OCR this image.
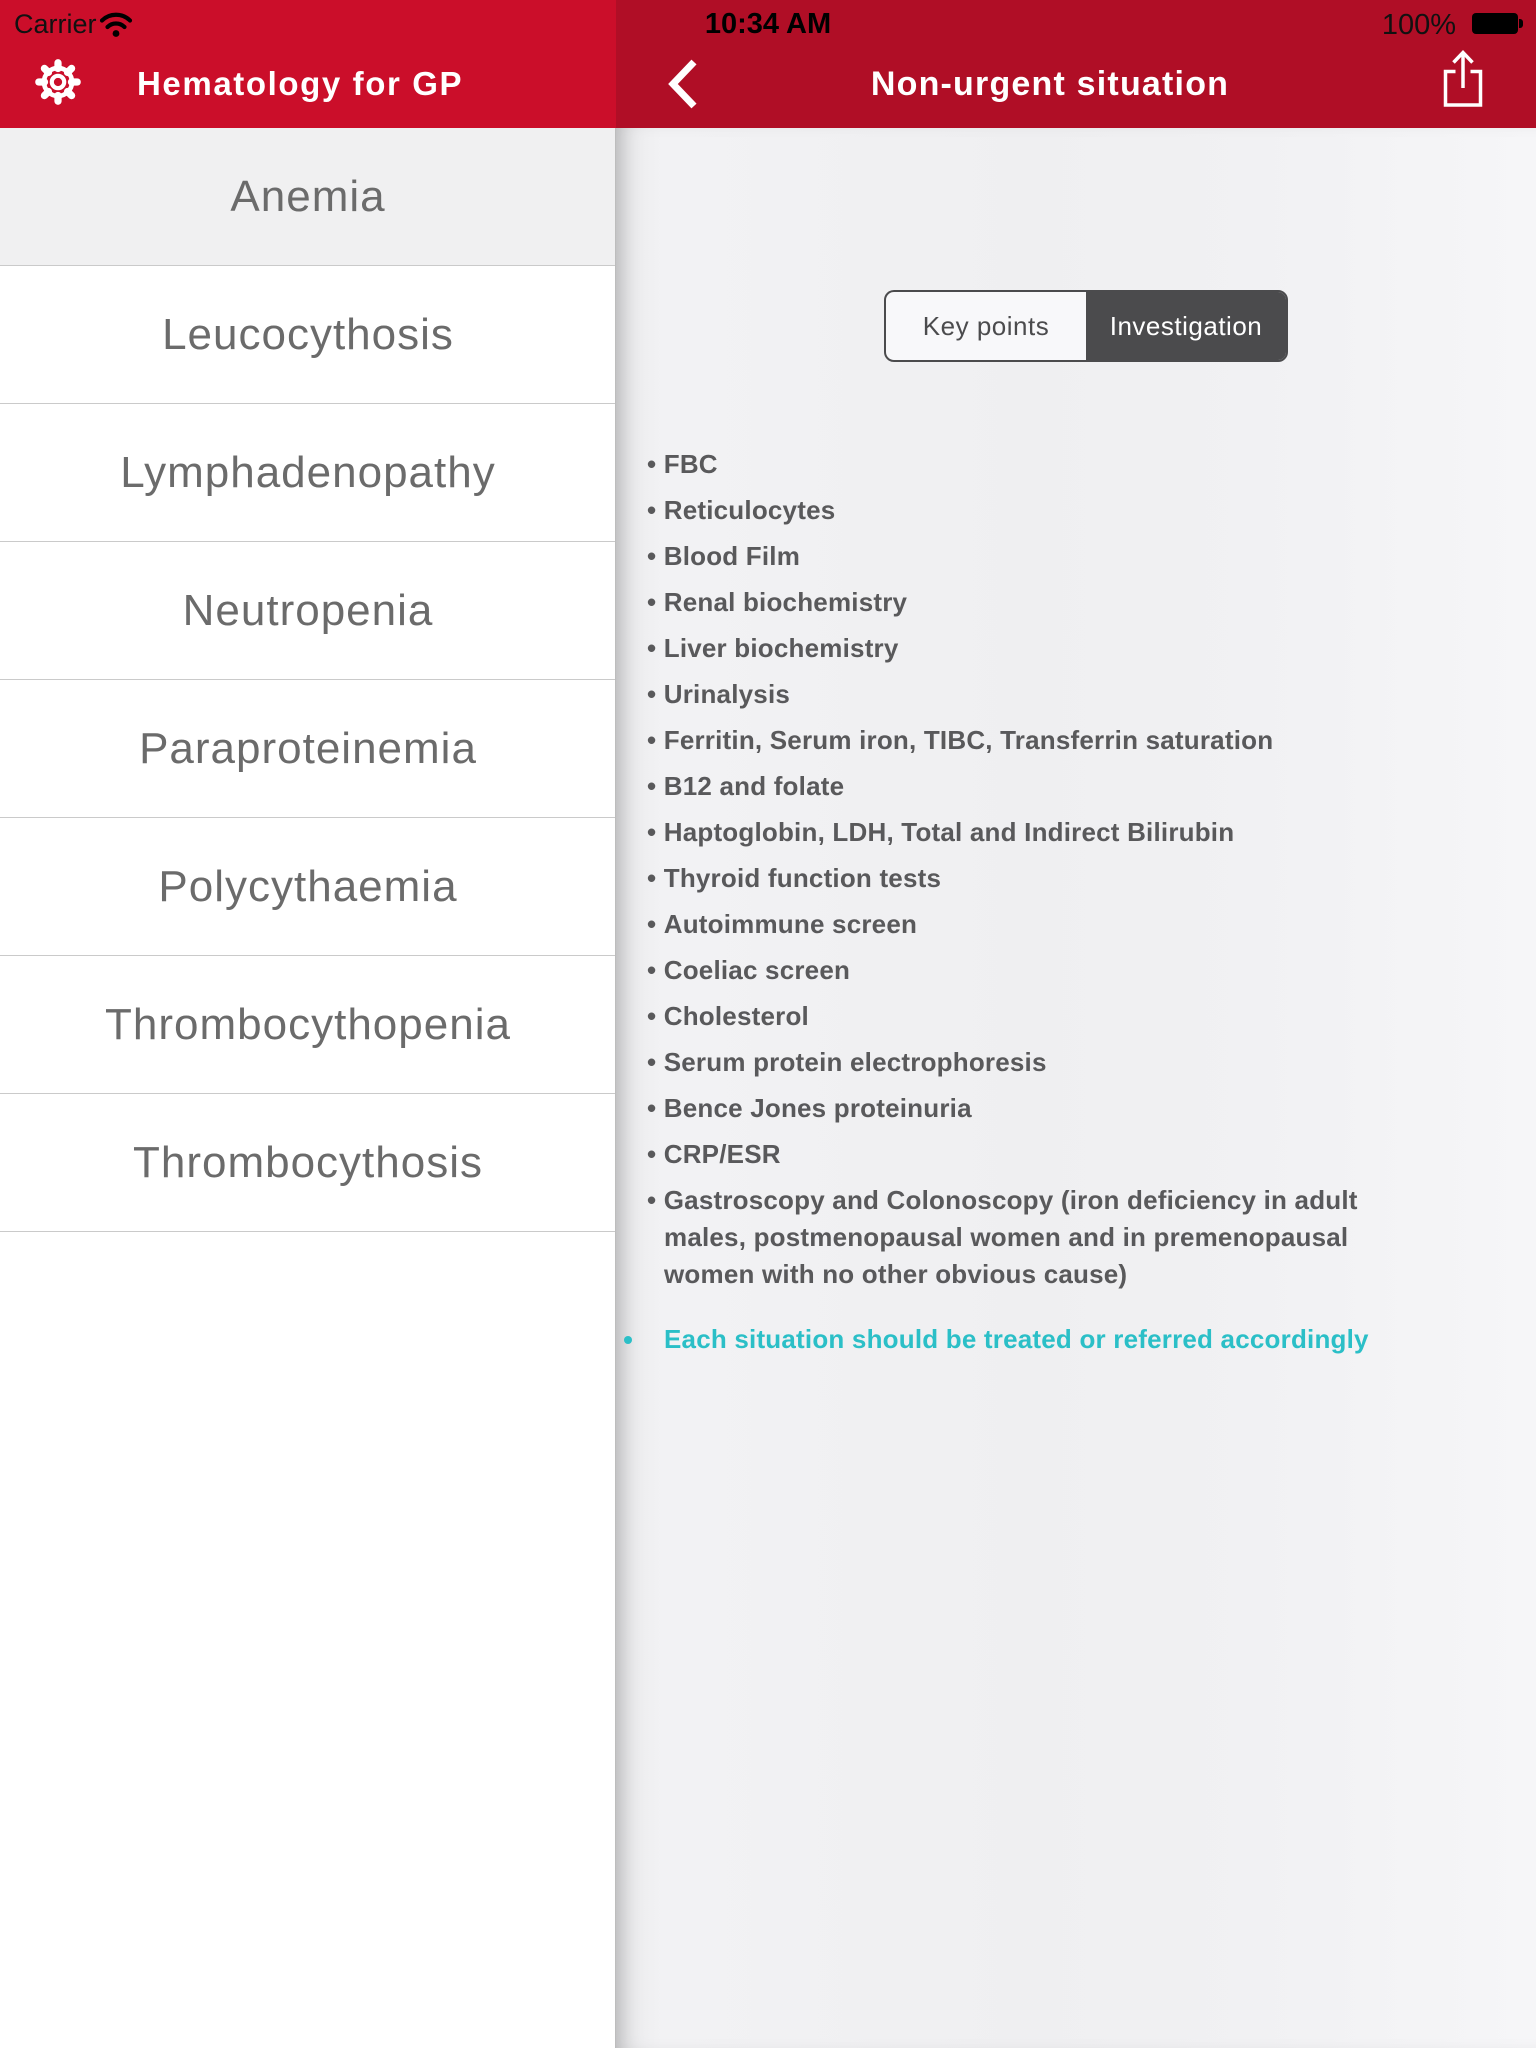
Key points	Investigation
• FBC
• Reticulocytes
• Blood Film
• Renal biochemistry
• Liver biochemistry
• Urinalysis
• Ferritin, Serum iron, TIBC, Transferrin saturation
• B12 and folate
• Haptoglobin, LDH, Total and Indirect Bilirubin
• Thyroid function tests
• Autoimmune screen
• Coeliac screen
• Cholesterol
• Serum protein electrophoresis
• Bence Jones proteinuria
• CRP/ESR
• Gastroscopy and Colonoscopy (iron deficiency in adult males, postmenopausal women and in premenopausal women with no other obvious cause)
• Each situation should be treated or referred accordingly
Carrier	10:34 AM	100%
Hematology for GP	Non-urgent situation
Anemia
Leucocythosis
Lymphadenopathy
Neutropenia
Paraproteinemia
Polycythaemia
Thrombocythopenia
Thrombocythosis
